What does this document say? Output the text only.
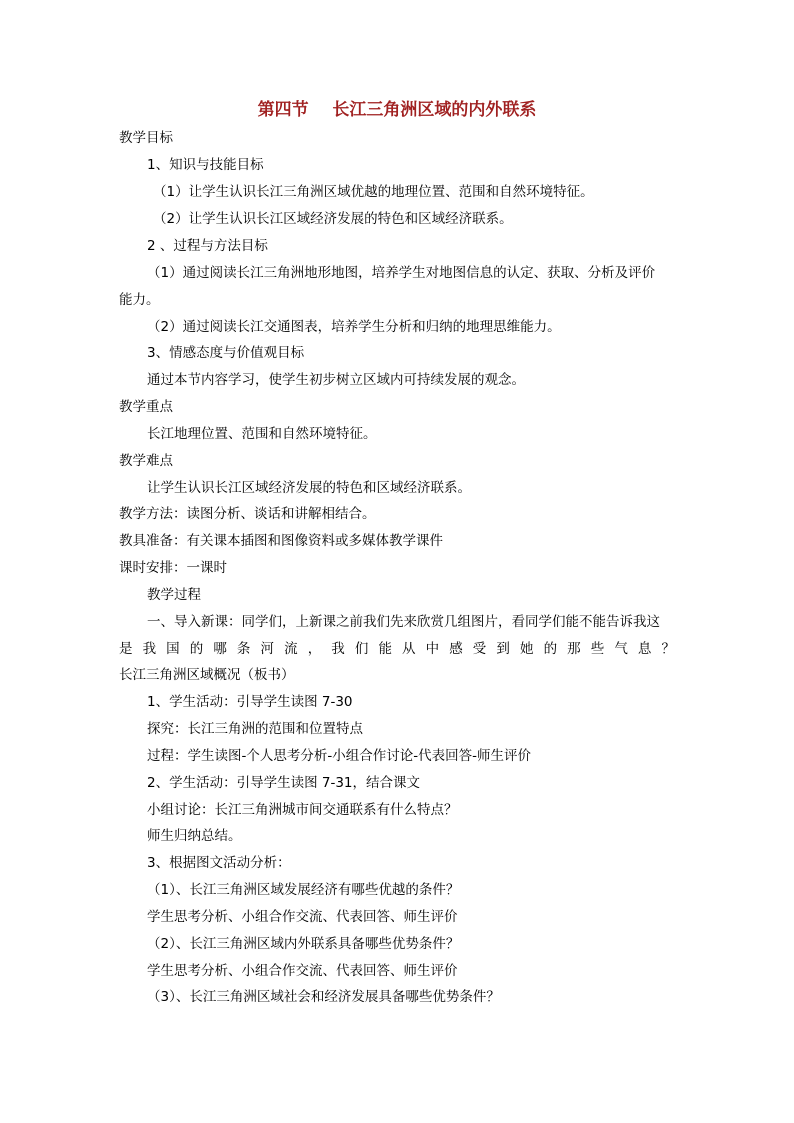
第四节    长江三角洲区域的内外联系
教学目标
1、知识与技能目标
（1）让学生认识长江三角洲区域优越的地理位置、范围和自然环境特征。
（2）让学生认识长江区域经济发展的特色和区域经济联系。
2 、过程与方法目标
（1）通过阅读长江三角洲地形地图，培养学生对地图信息的认定、获取、分析及评价
能力。
（2）通过阅读长江交通图表，培养学生分析和归纳的地理思维能力。
3、情感态度与价值观目标
通过本节内容学习，使学生初步树立区域内可持续发展的观念。
教学重点
长江地理位置、范围和自然环境特征。
教学难点
让学生认识长江区域经济发展的特色和区域经济联系。
教学方法：读图分析、谈话和讲解相结合。
教具准备：有关课本插图和图像资料或多媒体教学课件
课时安排：一课时
教学过程
一、导入新课：同学们，上新课之前我们先来欣赏几组图片，看同学们能不能告诉我这
是我国的哪条河流，我们能从中感受到她的那些气息？
长江三角洲区域概况（板书）
1、学生活动：引导学生读图 7-30
探究：长江三角洲的范围和位置特点
过程：学生读图-个人思考分析-小组合作讨论-代表回答-师生评价
2、学生活动：引导学生读图 7-31，结合课文
小组讨论：长江三角洲城市间交通联系有什么特点？
师生归纳总结。
3、根据图文活动分析：
（1）、长江三角洲区域发展经济有哪些优越的条件？
学生思考分析、小组合作交流、代表回答、师生评价
（2）、长江三角洲区域内外联系具备哪些优势条件？
学生思考分析、小组合作交流、代表回答、师生评价
（3）、长江三角洲区域社会和经济发展具备哪些优势条件？
